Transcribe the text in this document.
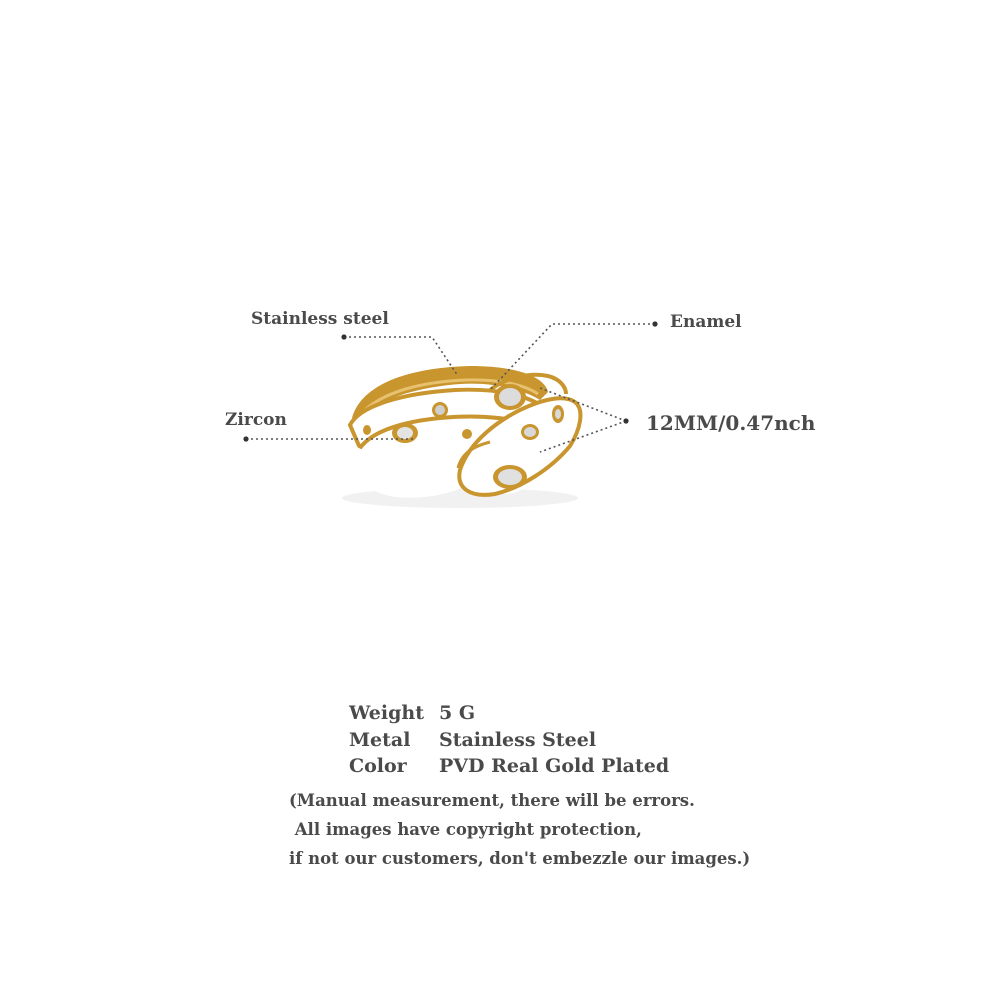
Stainless steel	Enamel
Zircon	12MM/0.47nch
Weight 5 G
Metal	Stainless Steel
Color	PVD Real Gold Plated
(Manual measurement, there will be errors.
All images have copyright protection,
if not our customers, don't embezzle our images.)
